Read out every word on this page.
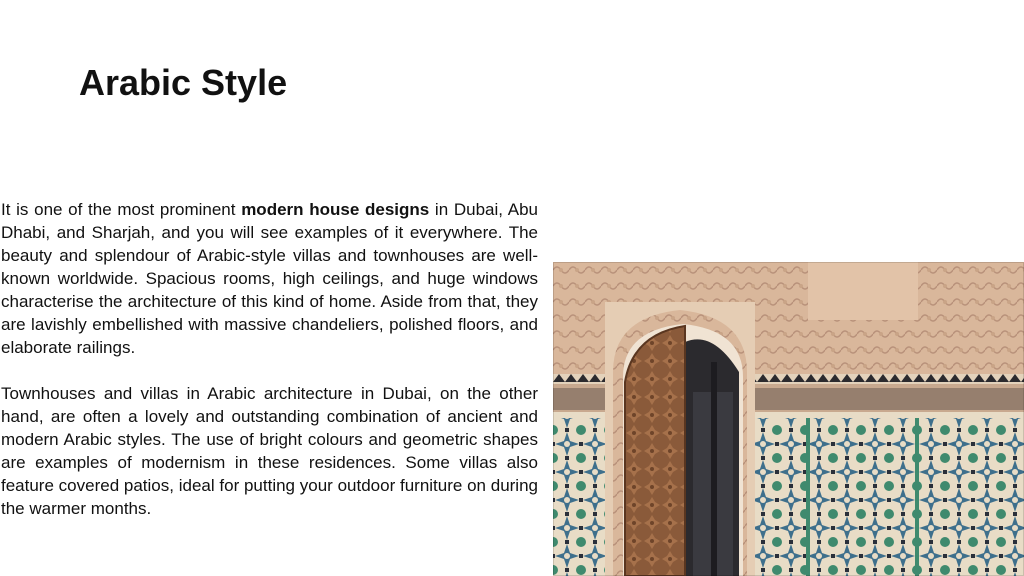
Arabic Style

It is one of the most prominent modern house designs in Dubai, Abu Dhabi, and Sharjah, and you will see examples of it everywhere. The beauty and splendour of Arabic-style villas and townhouses are well-known worldwide. Spacious rooms, high ceilings, and huge windows characterise the architecture of this kind of home. Aside from that, they are lavishly embellished with massive chandeliers, polished floors, and elaborate railings.

Townhouses and villas in Arabic architecture in Dubai, on the other hand, are often a lovely and outstanding combination of ancient and modern Arabic styles. The use of bright colours and geometric shapes are examples of modernism in these residences. Some villas also feature covered patios, ideal for putting your outdoor furniture on during the warmer months.
